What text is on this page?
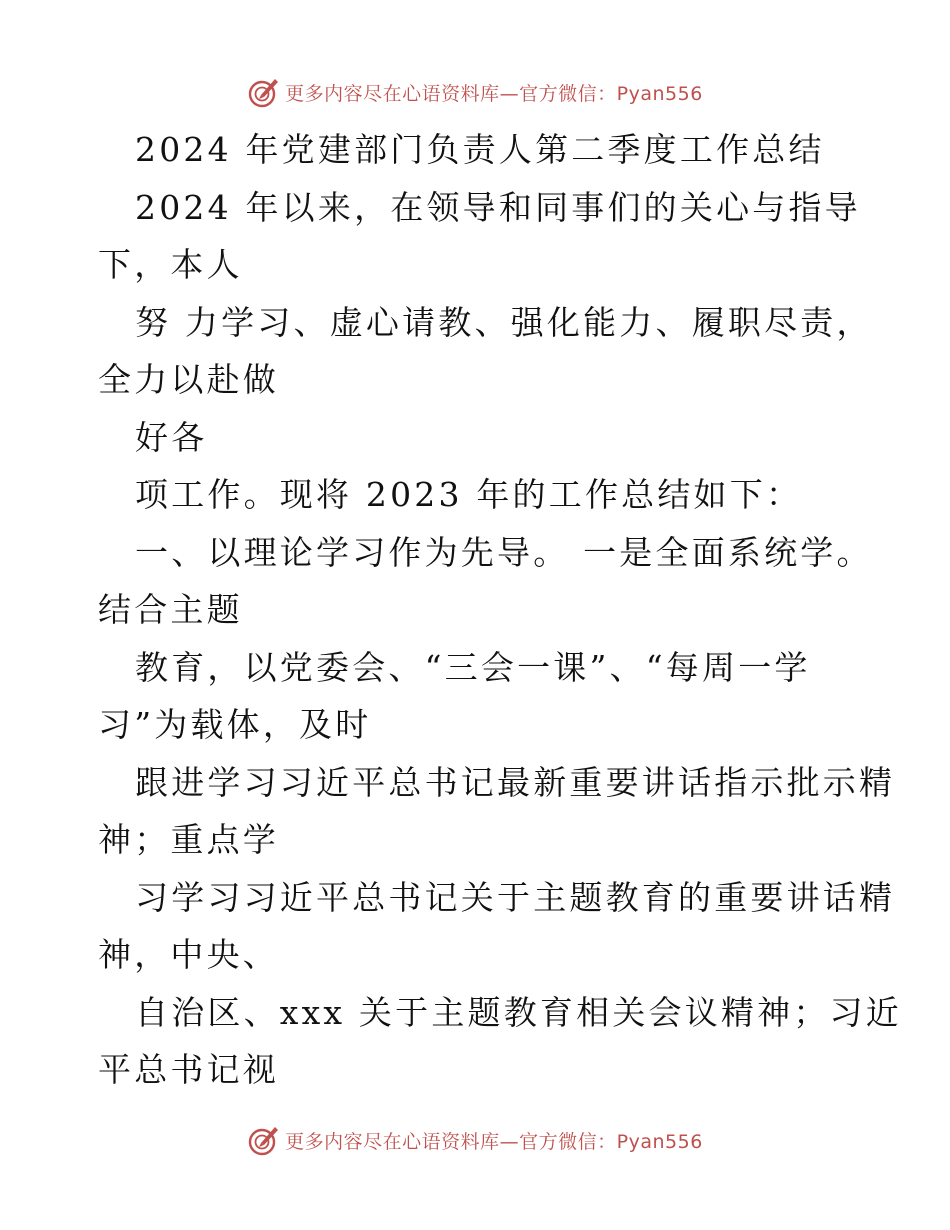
更多内容尽在心语资料库—官方微信：Pyan556
2024 年党建部门负责人第二季度工作总结
2024 年以来，在领导和同事们的关心与指导
下，本人
努 力学习、虚心请教、强化能力、履职尽责，
全力以赴做
好各
项工作。现将 2023 年的工作总结如下：
一、以理论学习作为先导。 一是全面系统学。
结合主题
教育，以党委会、“三会一课”、“每周一学
习”为载体，及时
跟进学习习近平总书记最新重要讲话指示批示精
神；重点学
习学习习近平总书记关于主题教育的重要讲话精
神，中央、
自治区、xxx 关于主题教育相关会议精神；习近
平总书记视
更多内容尽在心语资料库—官方微信：Pyan556
